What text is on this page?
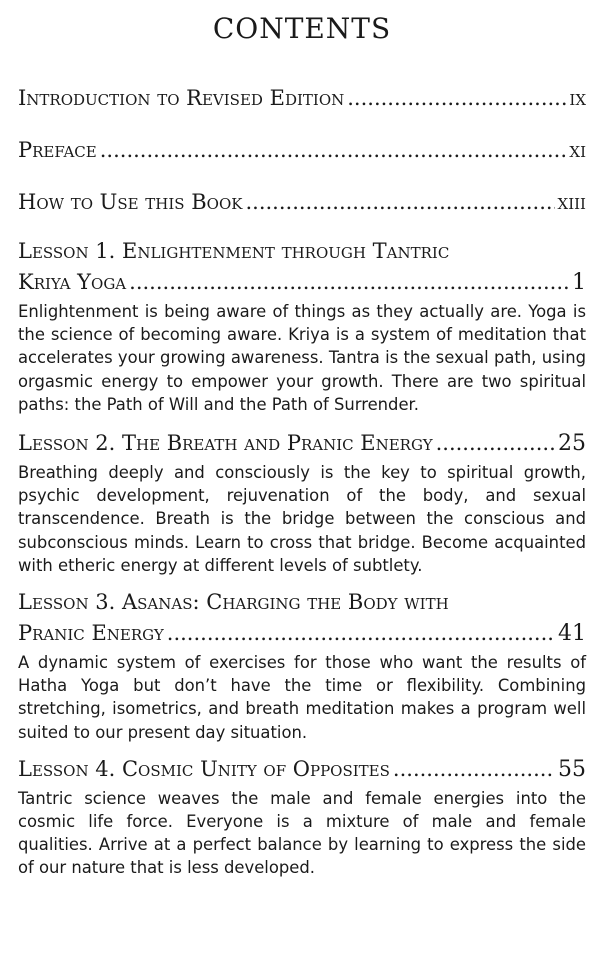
CONTENTS
Introduction to Revised Edition .....	ix
Preface .....	xi
How to Use this Book .....	xiii
Lesson 1. Enlightenment through Tantric
Kriya Yoga .....	1

Enlightenment is being aware of things as they actually are. Yoga is the science of becoming aware. Kriya is a system of meditation that accelerates your growing awareness. Tantra is the sexual path, using orgasmic energy to empower your growth. There are two spiritual paths: the Path of Will and the Path of Surrender.

Lesson 2. The Breath and Pranic Energy .....	25

Breathing deeply and consciously is the key to spiritual growth, psychic development, rejuvenation of the body, and sexual transcendence. Breath is the bridge between the conscious and subconscious minds. Learn to cross that bridge. Become acquainted with etheric energy at different levels of subtlety.

Lesson 3. Asanas: Charging the Body with
Pranic Energy .....	41

A dynamic system of exercises for those who want the results of Hatha Yoga but don’t have the time or flexibility. Combining stretching, isometrics, and breath meditation makes a program well suited to our present day situation.

Lesson 4. Cosmic Unity of Opposites .....	55

Tantric science weaves the male and female energies into the cosmic life force. Everyone is a mixture of male and female qualities. Arrive at a perfect balance by learning to express the side of our nature that is less developed.
